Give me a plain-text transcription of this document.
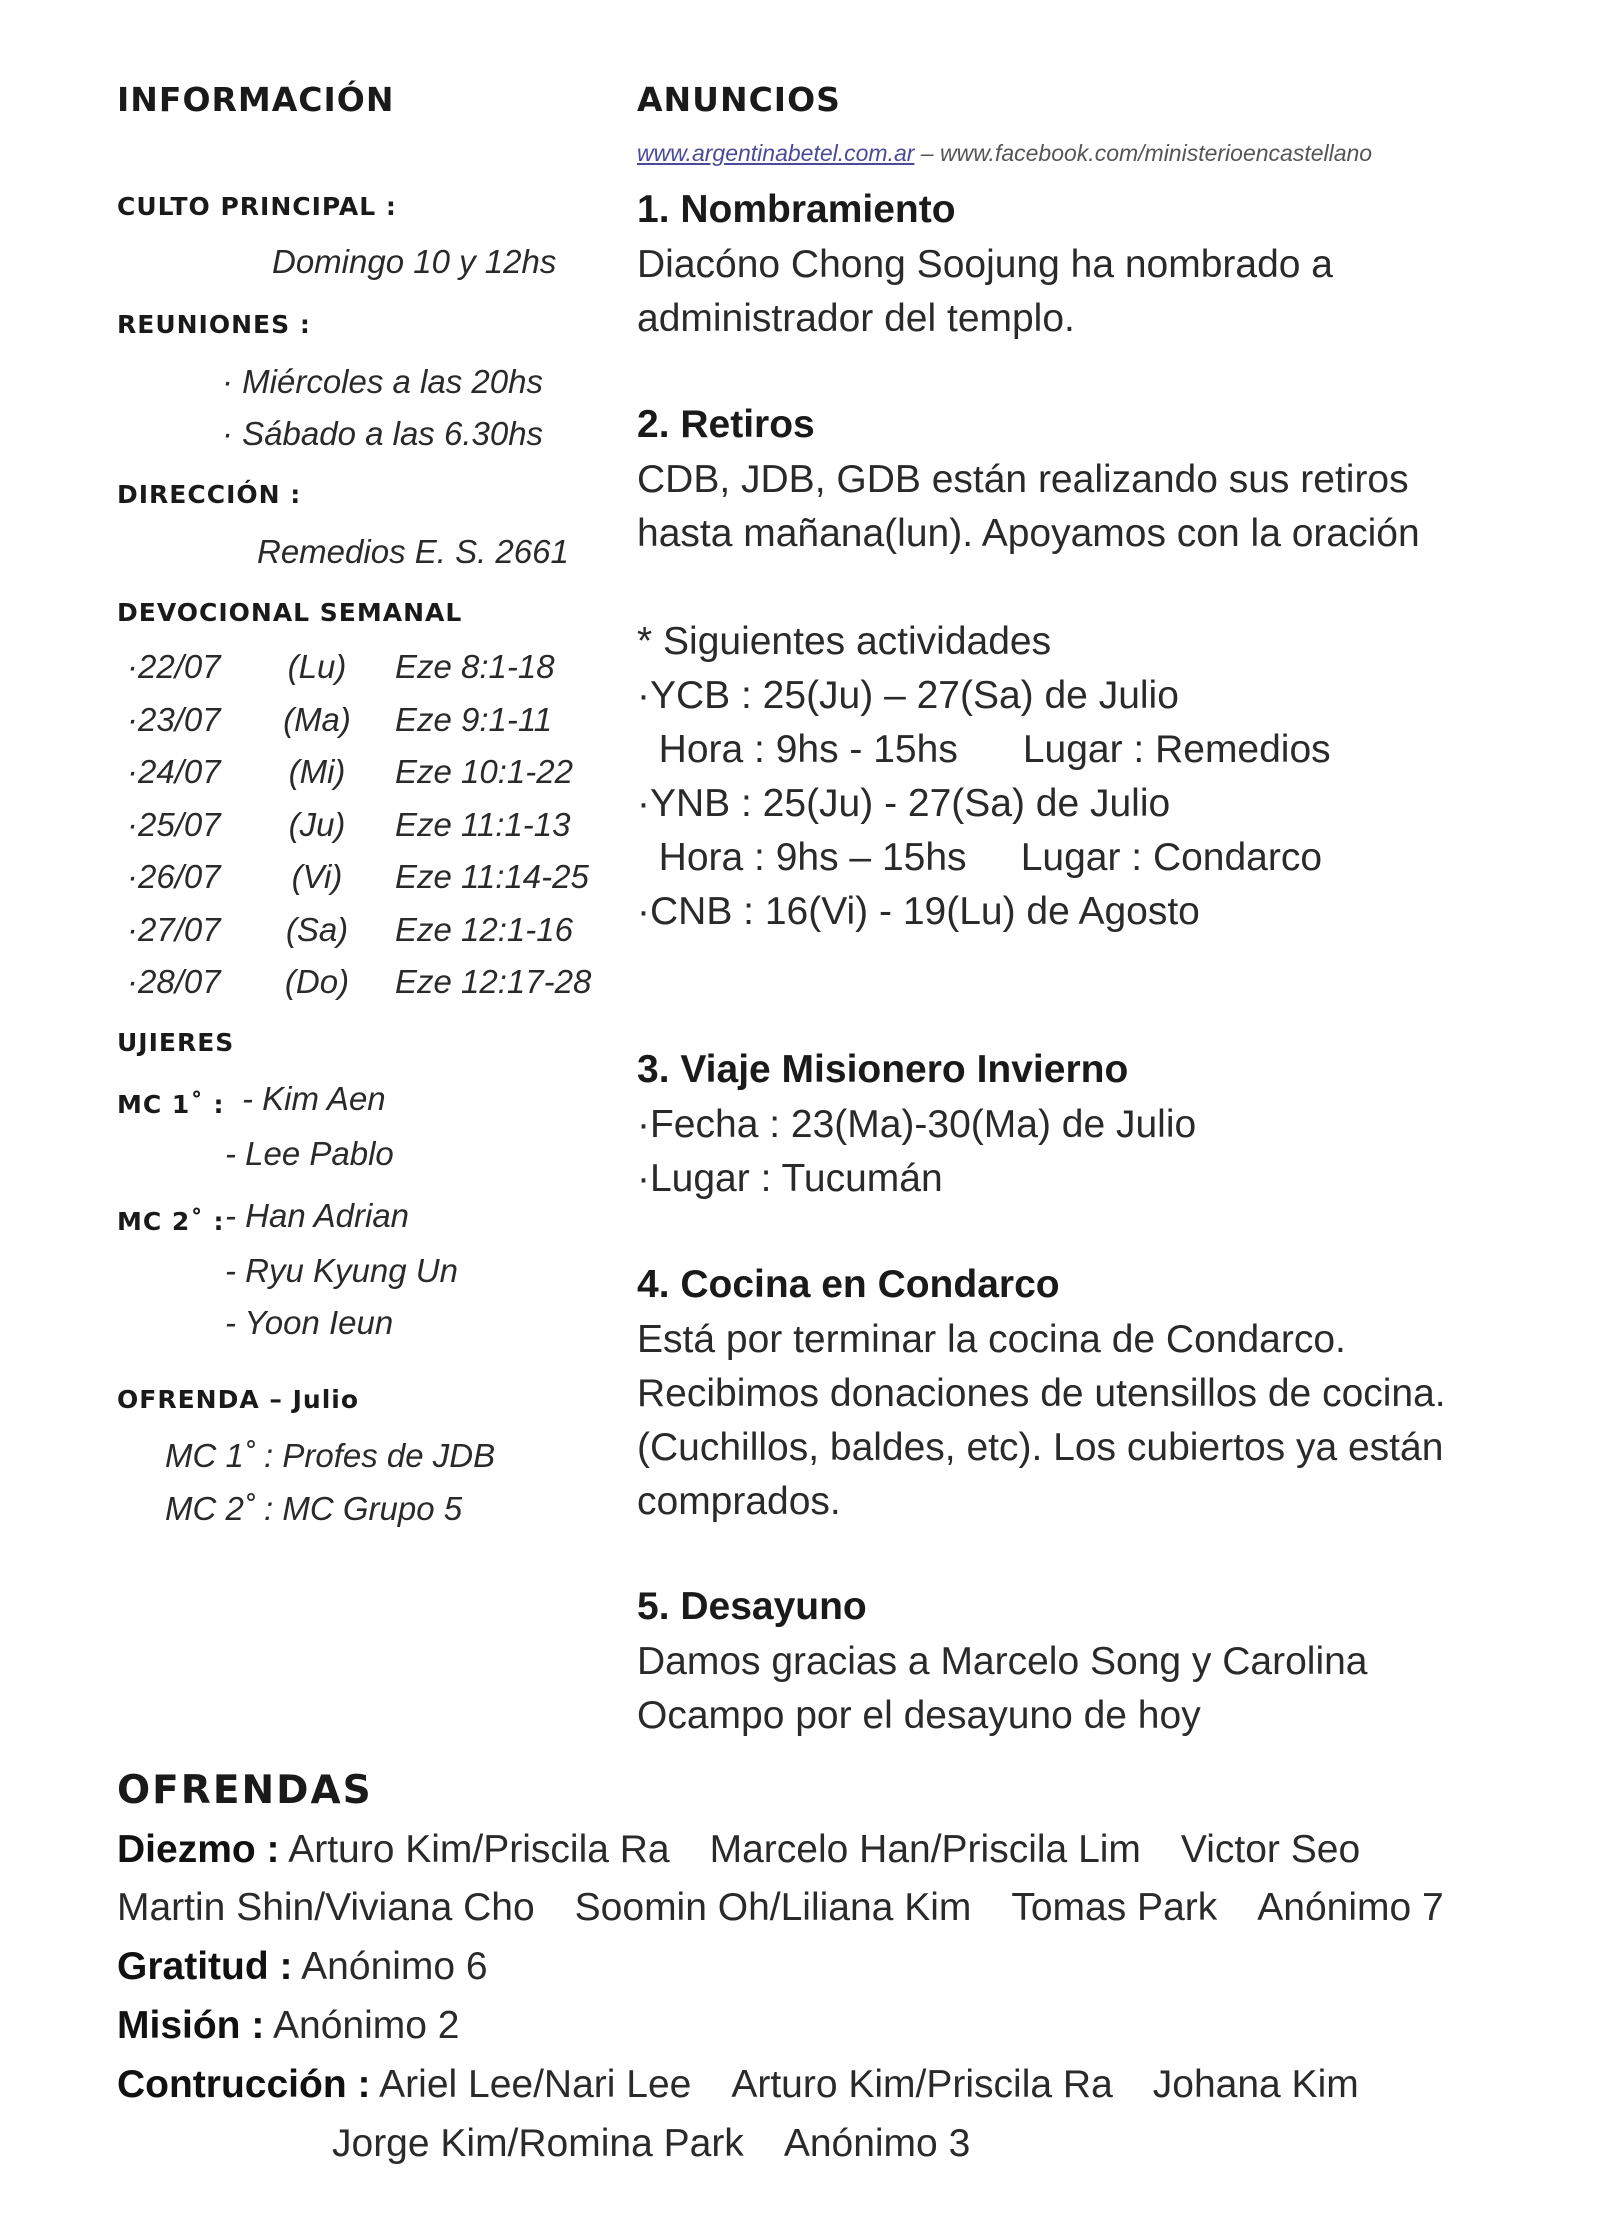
INFORMACIÓN
CULTO PRINCIPAL :
Domingo 10 y 12hs
REUNIONES :
· Miércoles a las 20hs
· Sábado a las 6.30hs
DIRECCIÓN :
Remedios E. S. 2661
DEVOCIONAL SEMANAL
·22/07	(Lu)	Eze 8:1-18
·23/07 (Ma) Eze 9:1-11
·24/07	(Mi)	Eze 10:1-22
·25/07	(Ju)	Eze 11:1-13
·26/07	(Vi)	Eze 11:14-25
·27/07 (Sa) Eze 12:1-16
·28/07 (Do) Eze 12:17-28
UJIERES
MC 1˚ : - Kim Aen
- Lee Pablo
MC 2˚ : - Han Adrian
- Ryu Kyung Un
- Yoon Ieun
OFRENDA – Julio
MC 1˚ : Profes de JDB
MC 2˚ : MC Grupo 5
ANUNCIOS
www.argentinabetel.com.ar – www.facebook.com/ministerioencastellano
1. Nombramiento
Diacóno Chong Soojung ha nombrado a
administrador del templo.
2. Retiros
CDB, JDB, GDB están realizando sus retiros
hasta mañana(lun). Apoyamos con la oración

* Siguientes actividades
·YCB : 25(Ju) – 27(Sa) de Julio
Hora : 9hs - 15hs      Lugar : Remedios
·YNB : 25(Ju) - 27(Sa) de Julio
Hora : 9hs – 15hs     Lugar : Condarco
·CNB : 16(Vi) - 19(Lu) de Agosto
3. Viaje Misionero Invierno
·Fecha : 23(Ma)-30(Ma) de Julio
·Lugar : Tucumán
4. Cocina en Condarco
Está por terminar la cocina de Condarco.
Recibimos donaciones de utensillos de cocina.
(Cuchillos, baldes, etc). Los cubiertos ya están
comprados.
5. Desayuno
Damos gracias a Marcelo Song y Carolina
Ocampo por el desayuno de hoy
OFRENDAS
Diezmo : Arturo Kim/Priscila Ra Marcelo Han/Priscila Lim Victor Seo
Martin Shin/Viviana Cho Soomin Oh/Liliana Kim Tomas Park Anónimo 7
Gratitud : Anónimo 6
Misión : Anónimo 2
Contrucción : Ariel Lee/Nari Lee Arturo Kim/Priscila Ra Johana Kim
Jorge Kim/Romina Park Anónimo 3
